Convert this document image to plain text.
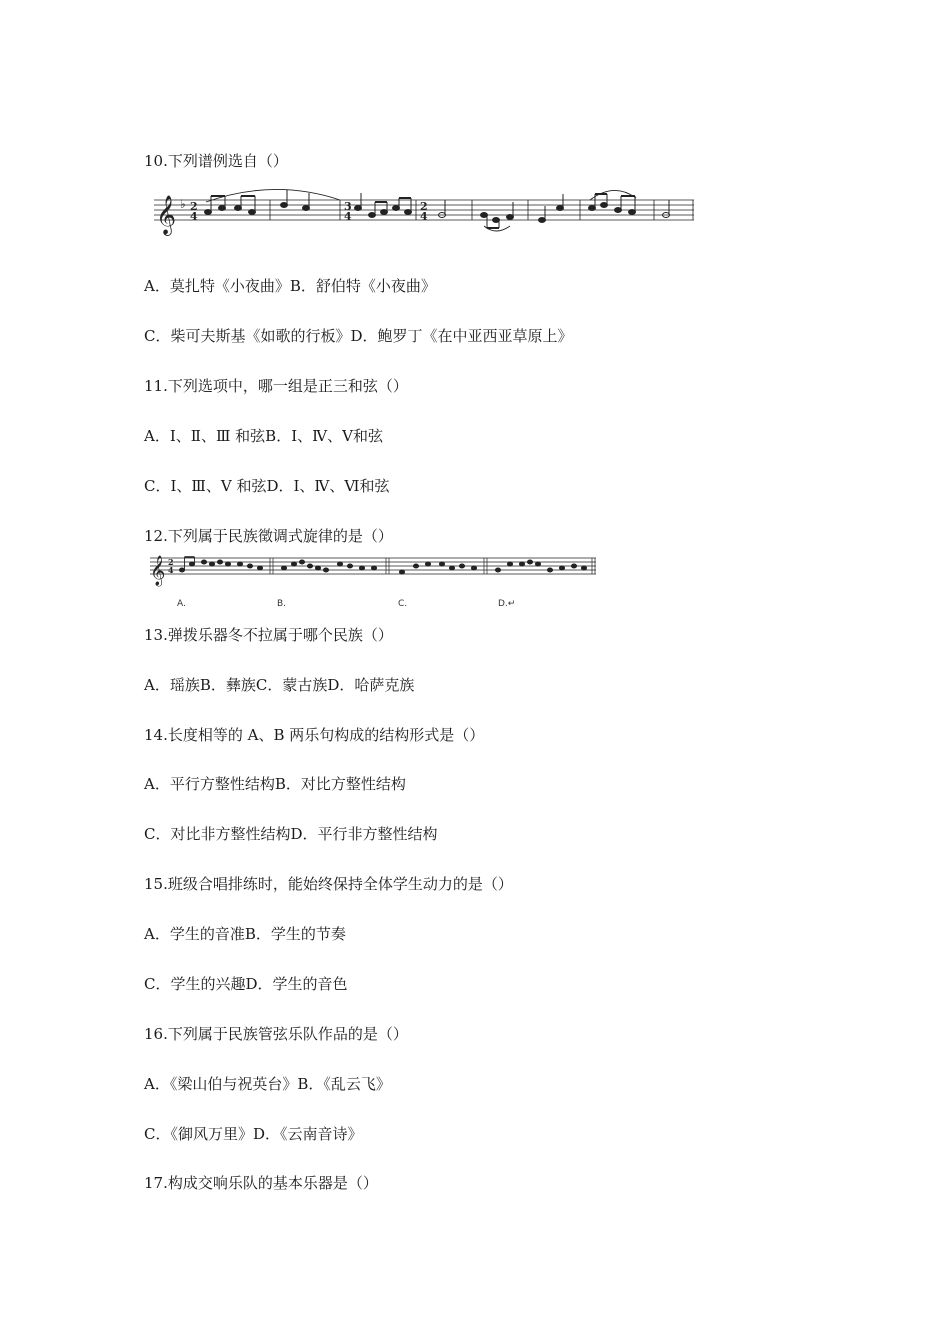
10.下列谱例选自（）
𝄞 ♭ 2
4
3
4
2
4
A．莫扎特《小夜曲》B．舒伯特《小夜曲》
C．柴可夫斯基《如歌的行板》D．鲍罗丁《在中亚西亚草原上》
11.下列选项中，哪一组是正三和弦（）
A．Ⅰ、Ⅱ、Ⅲ 和弦B．Ⅰ、Ⅳ、Ⅴ和弦
C．Ⅰ、Ⅲ、Ⅴ 和弦D．Ⅰ、Ⅳ、Ⅵ和弦
12.下列属于民族徵调式旋律的是（）
𝄞 2
4
A.	B.	C.	D.↵
13.弹拨乐器冬不拉属于哪个民族（）
A．瑶族B．彝族C．蒙古族D．哈萨克族
14.长度相等的 A、B 两乐句构成的结构形式是（）
A．平行方整性结构B．对比方整性结构
C．对比非方整性结构D．平行非方整性结构
15.班级合唱排练时，能始终保持全体学生动力的是（）
A．学生的音准B．学生的节奏
C．学生的兴趣D．学生的音色
16.下列属于民族管弦乐队作品的是（）
A．《梁山伯与祝英台》B．《乱云飞》
C．《御风万里》D．《云南音诗》
17.构成交响乐队的基本乐器是（）
